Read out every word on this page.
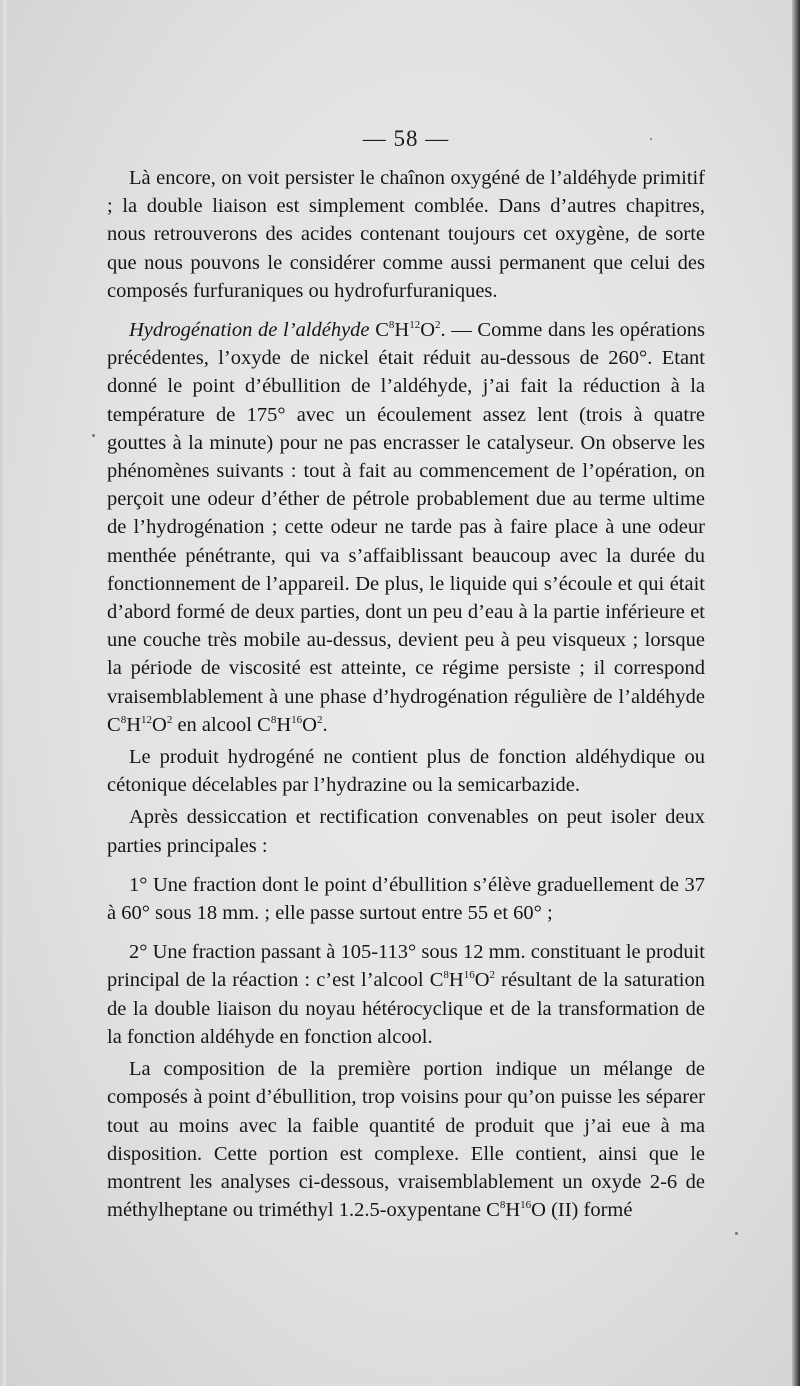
— 58 —

Là encore, on voit persister le chaînon oxygéné de l’aldéhyde primitif ; la double liaison est simplement comblée. Dans d’autres chapitres, nous retrouverons des acides contenant toujours cet oxygène, de sorte que nous pouvons le considérer comme aussi permanent que celui des composés furfuraniques ou hydrofurfuraniques.

Hydrogénation de l’aldéhyde $C^8H^{12}O^2$. — Comme dans les opérations précédentes, l’oxyde de nickel était réduit au-dessous de 260°. Etant donné le point d’ébullition de l’aldéhyde, j’ai fait la réduction à la température de 175° avec un écoulement assez lent (trois à quatre gouttes à la minute) pour ne pas encrasser le catalyseur. On observe les phénomènes suivants : tout à fait au commencement de l’opération, on perçoit une odeur d’éther de pétrole probablement due au terme ultime de l’hydrogénation ; cette odeur ne tarde pas à faire place à une odeur menthée pénétrante, qui va s’affaiblissant beaucoup avec la durée du fonctionnement de l’appareil. De plus, le liquide qui s’écoule et qui était d’abord formé de deux parties, dont un peu d’eau à la partie inférieure et une couche très mobile au-dessus, devient peu à peu visqueux ; lorsque la période de viscosité est atteinte, ce régime persiste ; il correspond vraisemblablement à une phase d’hydrogénation régulière de l’aldéhyde $C^8H^{12}O^2$ en alcool $C^8H^{16}O^2$.

Le produit hydrogéné ne contient plus de fonction aldéhydique ou cétonique décelables par l’hydrazine ou la semicarbazide.

Après dessiccation et rectification convenables on peut isoler deux parties principales :

1° Une fraction dont le point d’ébullition s’élève graduellement de 37 à 60° sous 18 mm. ; elle passe surtout entre 55 et 60° ;

2° Une fraction passant à 105-113° sous 12 mm. constituant le produit principal de la réaction : c’est l’alcool $C^8H^{16}O^2$ résultant de la saturation de la double liaison du noyau hétérocyclique et de la transformation de la fonction aldéhyde en fonction alcool.

La composition de la première portion indique un mélange de composés à point d’ébullition, trop voisins pour qu’on puisse les séparer tout au moins avec la faible quantité de produit que j’ai eue à ma disposition. Cette portion est complexe. Elle contient, ainsi que le montrent les analyses ci-dessous, vraisemblablement un oxyde 2-6 de méthylheptane ou triméthyl 1.2.5-oxypentane $C^8H^{16}O$ (II) formé
